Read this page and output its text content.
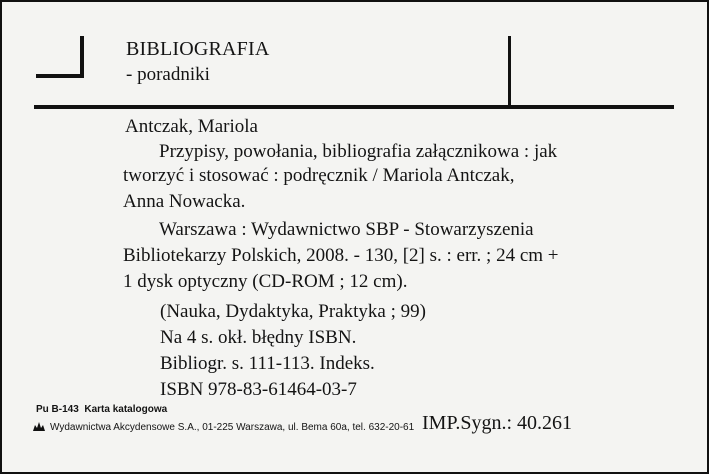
BIBLIOGRAFIA
- poradniki
Antczak, Mariola
Przypisy, powołania, bibliografia załącznikowa : jak
tworzyć i stosować : podręcznik / Mariola Antczak,
Anna Nowacka.
Warszawa : Wydawnictwo SBP - Stowarzyszenia
Bibliotekarzy Polskich, 2008. - 130, [2] s. : err. ; 24 cm +
1 dysk optyczny (CD-ROM ; 12 cm).
(Nauka, Dydaktyka, Praktyka ; 99)
Na 4 s. okł. błędny ISBN.
Bibliogr. s. 111-113. Indeks.
ISBN 978-83-61464-03-7
Pu B-143 Karta katalogowa
Wydawnictwa Akcydensowe S.A., 01-225 Warszawa, ul. Bema 60a, tel. 632-20-61 IMP.Sygn.: 40.261
